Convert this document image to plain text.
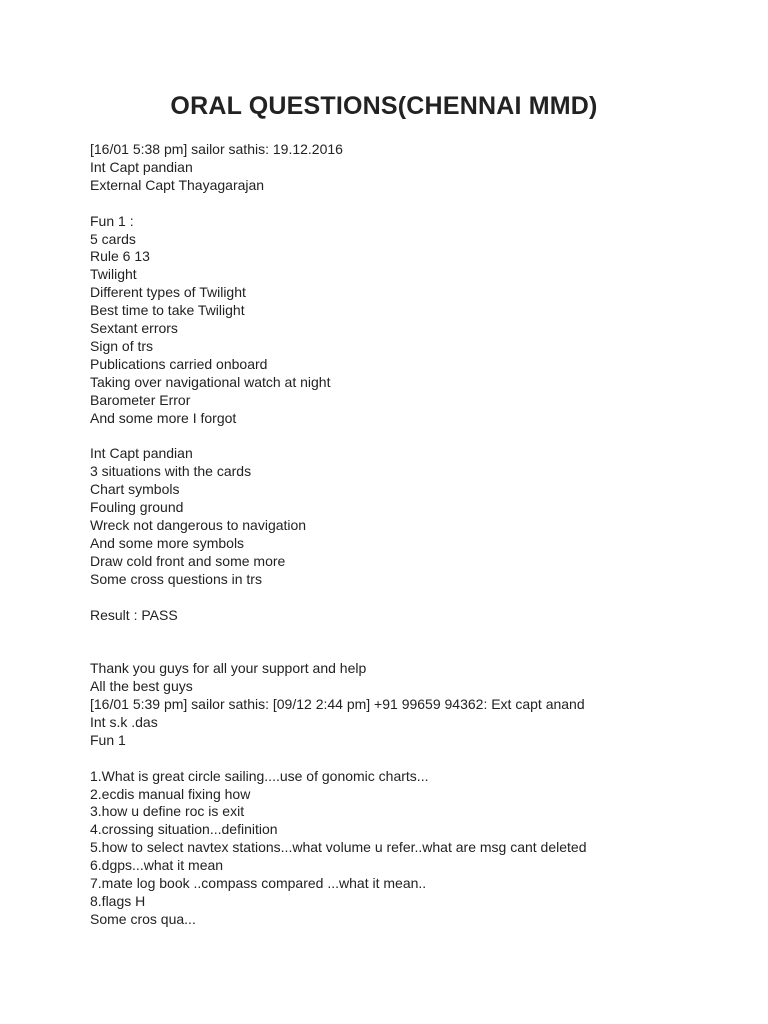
ORAL QUESTIONS(CHENNAI MMD)
[16/01 5:38 pm] sailor sathis: 19.12.2016
Int Capt pandian
External Capt Thayagarajan
Fun 1 :
5 cards
Rule 6 13
Twilight
Different types of Twilight
Best time to take Twilight
Sextant errors
Sign of trs
Publications carried onboard
Taking over navigational watch at night
Barometer Error
And some more I forgot
Int Capt pandian
3 situations with the cards
Chart symbols
Fouling ground
Wreck not dangerous to navigation
And some more symbols
Draw cold front and some more
Some cross questions in trs
Result : PASS
Thank you guys for all your support and help
All the best guys
[16/01 5:39 pm] sailor sathis: [09/12 2:44 pm] +91 99659 94362: Ext capt anand
Int s.k .das
Fun 1
1.What is great circle sailing....use of gonomic charts...
2.ecdis manual fixing how
3.how u define roc is exit
4.crossing situation...definition
5.how to select navtex stations...what volume u refer..what are msg cant deleted
6.dgps...what it mean
7.mate log book ..compass compared ...what it mean..
8.flags H
Some cros qua...
